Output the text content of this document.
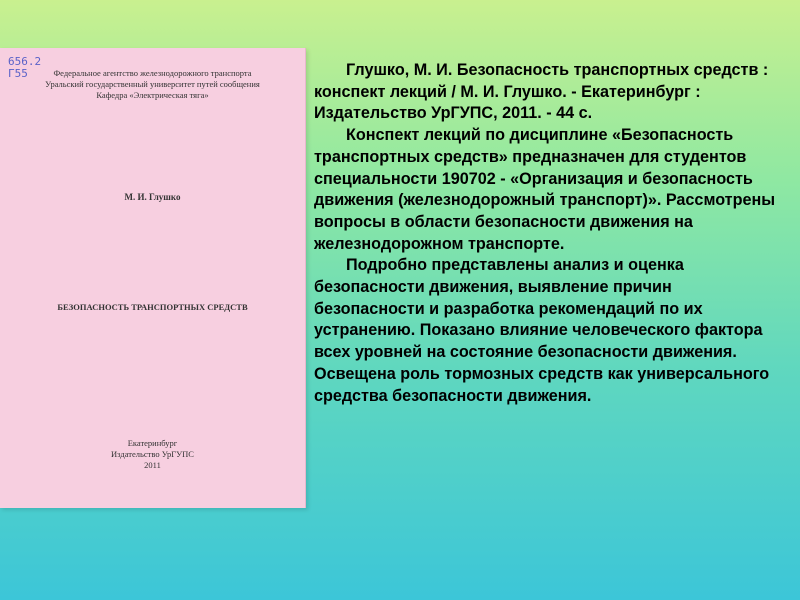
656.2
Г55	Федеральное агентство железнодорожного транспорта
Уральский государственный университет путей сообщения
Кафедра «Электрическая тяга»
М. И. Глушко
БЕЗОПАСНОСТЬ ТРАНСПОРТНЫХ СРЕДСТВ
Екатеринбург
Издательство УрГУПС
2011

Глушко, М. И. Безопасность транспортных средств : конспект лекций / М. И. Глушко. - Екатеринбург : Издательство УрГУПС, 2011. - 44 с.

Конспект лекций по дисциплине «Безопасность транспортных средств» предназначен для студентов специальности 190702 - «Организация и безопасность движения (железнодорожный транспорт)». Рассмотрены вопросы в области безопасности движения на железнодорожном транспорте.

Подробно представлены анализ и оценка безопасности движения, выявление причин безопасности и разработка рекомендаций по их устранению. Показано влияние человеческого фактора всех уровней на состояние безопасности движения. Освещена роль тормозных средств как универсального средства безопасности движения.
